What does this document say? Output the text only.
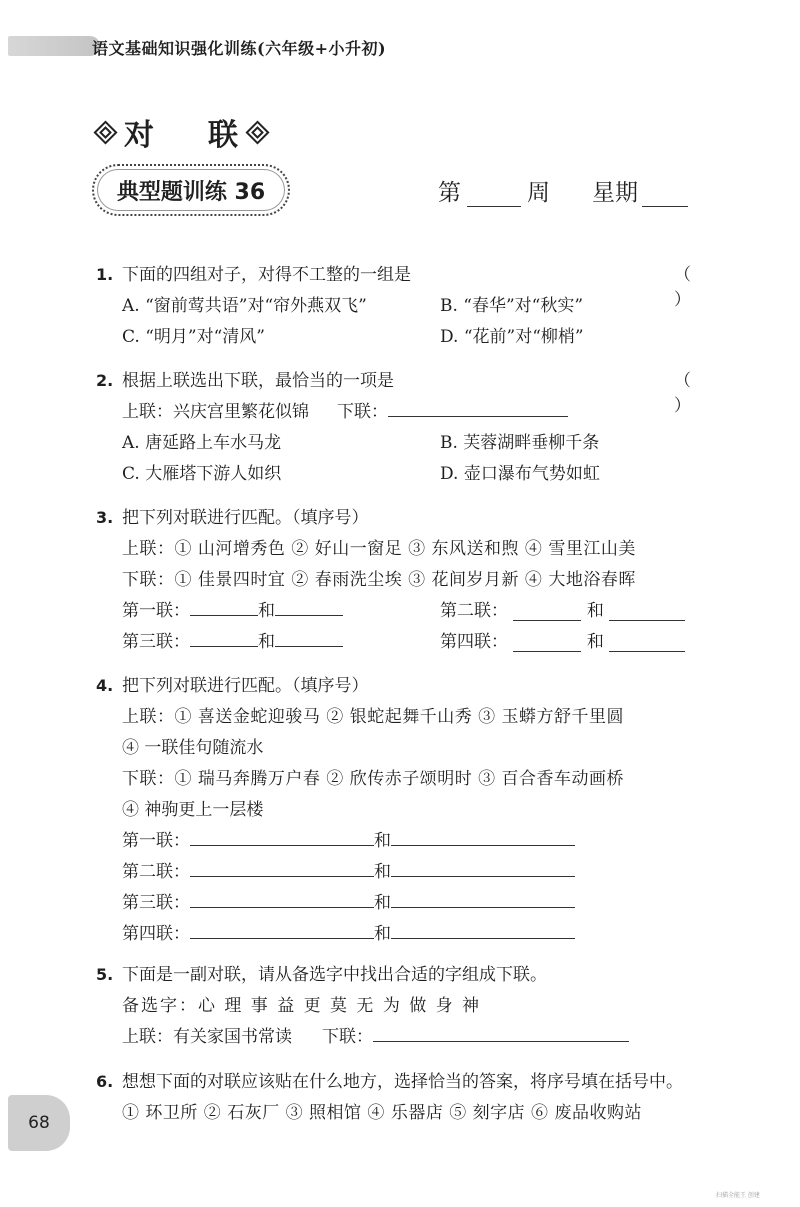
语文基础知识强化训练(六年级+小升初)
对 联
典型题训练 36	第	周 星期
1. 下面的四组对子，对得不工整的一组是	（ ）
A. “窗前莺共语”对“帘外燕双飞”	B. “春华”对“秋实”
C. “明月”对“清风”	D. “花前”对“柳梢”
2. 根据上联选出下联，最恰当的一项是	（ ）
上联：兴庆宫里繁花似锦 下联：
A. 唐延路上车水马龙	B. 芙蓉湖畔垂柳千条
C. 大雁塔下游人如织	D. 壶口瀑布气势如虹
3. 把下列对联进行匹配。（填序号）
上联：① 山河增秀色 ② 好山一窗足 ③ 东风送和煦 ④ 雪里江山美
下联：① 佳景四时宜 ② 春雨洗尘埃 ③ 花间岁月新 ④ 大地浴春晖
第一联：	和	第二联：	和
第三联：	和	第四联：	和
4. 把下列对联进行匹配。（填序号）
上联：① 喜送金蛇迎骏马 ② 银蛇起舞千山秀 ③ 玉蟒方舒千里圆
④ 一联佳句随流水
下联：① 瑞马奔腾万户春 ② 欣传赤子颂明时 ③ 百合香车动画桥
④ 神驹更上一层楼
第一联：	和
第二联：	和
第三联：	和
第四联：	和
5. 下面是一副对联，请从备选字中找出合适的字组成下联。
备选字：心 理 事 益 更 莫 无 为 做 身 神
上联：有关家国书常读 下联：
6. 想想下面的对联应该贴在什么地方，选择恰当的答案，将序号填在括号中。
① 环卫所 ② 石灰厂 ③ 照相馆 ④ 乐器店 ⑤ 刻字店 ⑥ 废品收购站
68
扫描全能王 创建
